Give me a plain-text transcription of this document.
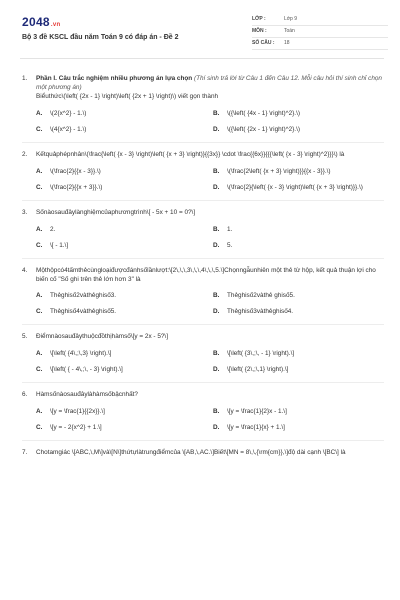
2048.vn
Bộ 3 đề KSCL đầu năm Toán 9 có đáp án - Đề 2
LỚP :	Lớp 9
MÔN :	Toán
SỐ CÂU :	18
1.	Phần I. Câu trắc nghiệm nhiều phương án lựa chọn (Thí sinh trả lời từ Câu 1 đến Câu 12. Mỗi câu hỏi thí sinh chỉ chọn một phương án)
Biểuthức\(\left( {2x - 1} \right)\left( {2x + 1} \right)\) viết gọn thành
A.	\(2{x^2} - 1.\)	B.	\({\left( {4x - 1} \right)^2}.\)
C.	\(4{x^2} - 1.\)	D.	\({\left( {2x - 1} \right)^2}.\)
2.	Kếtquảphépnhân\(\frac{\left( {x - 3} \right)\left( {x + 3} \right)}{{3x}} \cdot \frac{{6x}}{{{\left( {x - 3} \right)^2}}}\) là
A.	\(\frac{2}{{x - 3}}.\)	B.	\(\frac{2\left( {x + 3} \right)}}{{x - 3}}.\)
C.	\(\frac{2}{{x + 3}}.\)	D.	\(\frac{2}{\left( {x - 3} \right)\left( {x + 3} \right)}}.\)
3.	Sốnàosauđâylànghiệmcủaphươngtrình\[ - 5x + 10 = 0?\]
A.	2.	B.	1.
C.	\[ - 1.\]	D.	5.
4.	Mộthộpcó4tấmthẻcùngloạiđượcđánhsốlầnlượt:\[2\,\,\,3\,\,\,4\,\,\,5.\]Chọnngẫunhiên một thẻ từ hộp, kết quả thuận lợi cho biến cố "Số ghi trên thẻ lớn hơn 3" là
A.	Thẻghisố2vàthẻghisố3.	B.	Thẻghisố2vàthẻ ghisố5.
C.	Thẻghisố4vàthẻghisố5.	D.	Thẻghisố3vàthẻghisố4.
5.	Điểmnàosauđâythuộcđồthịhàmsố\[y = 2x - 5?\]
A.	\[\left( {4\,;\,3} \right).\]	B.	\[\left( {3\,;\, - 1} \right).\]
C.	\[\left( { - 4\,;\, - 3} \right).\]	D.	\[\left( {2\,;\,1} \right).\]
6.	Hàmsốnàosauđâylàhàmsốbậcnhất?
A.	\[y = \frac{1}{{2x}}.\]	B.	\[y = \frac{1}{2}x - 1.\]
C.	\[y = - 2{x^2} + 1.\]	D.	\[y = \frac{1}{x} + 1.\]
7.	Chotamgiác \[ABC,\,M\]và\[N\]thứtựlàtrungđiểmcủa \[AB,\,AC.\]Biết\[MN = 8\,\,{\rm{cm}},\]độ dài cạnh \[BC\] là
